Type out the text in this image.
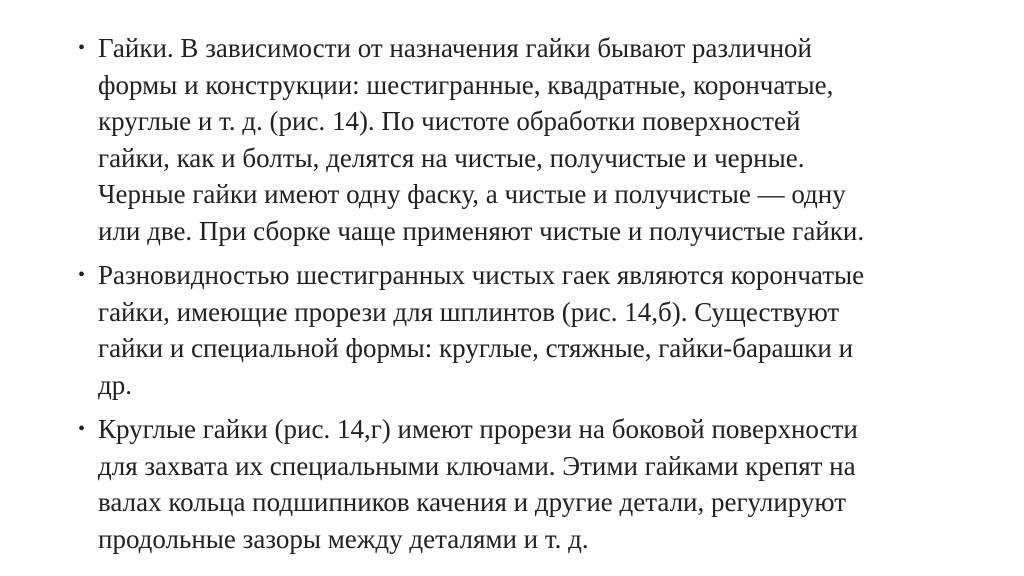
• Гайки. В зависимости от назначения гайки бывают различной
формы и конструкции: шестигранные, квадратные, корончатые,
круглые и т. д. (рис. 14). По чистоте обработки поверхностей
гайки, как и болты, делятся на чистые, получистые и черные.
Черные гайки имеют одну фаску, а чистые и получистые — одну
или две. При сборке чаще применяют чистые и получистые гайки.
• Разновидностью шестигранных чистых гаек являются корончатые
гайки, имеющие прорези для шплинтов (рис. 14,б). Существуют
гайки и специальной формы: круглые, стяжные, гайки-барашки и
др.
• Круглые гайки (рис. 14,г) имеют прорези на боковой поверхности
для захвата их специальными ключами. Этими гайками крепят на
валах кольца подшипников качения и другие детали, регулируют
продольные зазоры между деталями и т. д.
